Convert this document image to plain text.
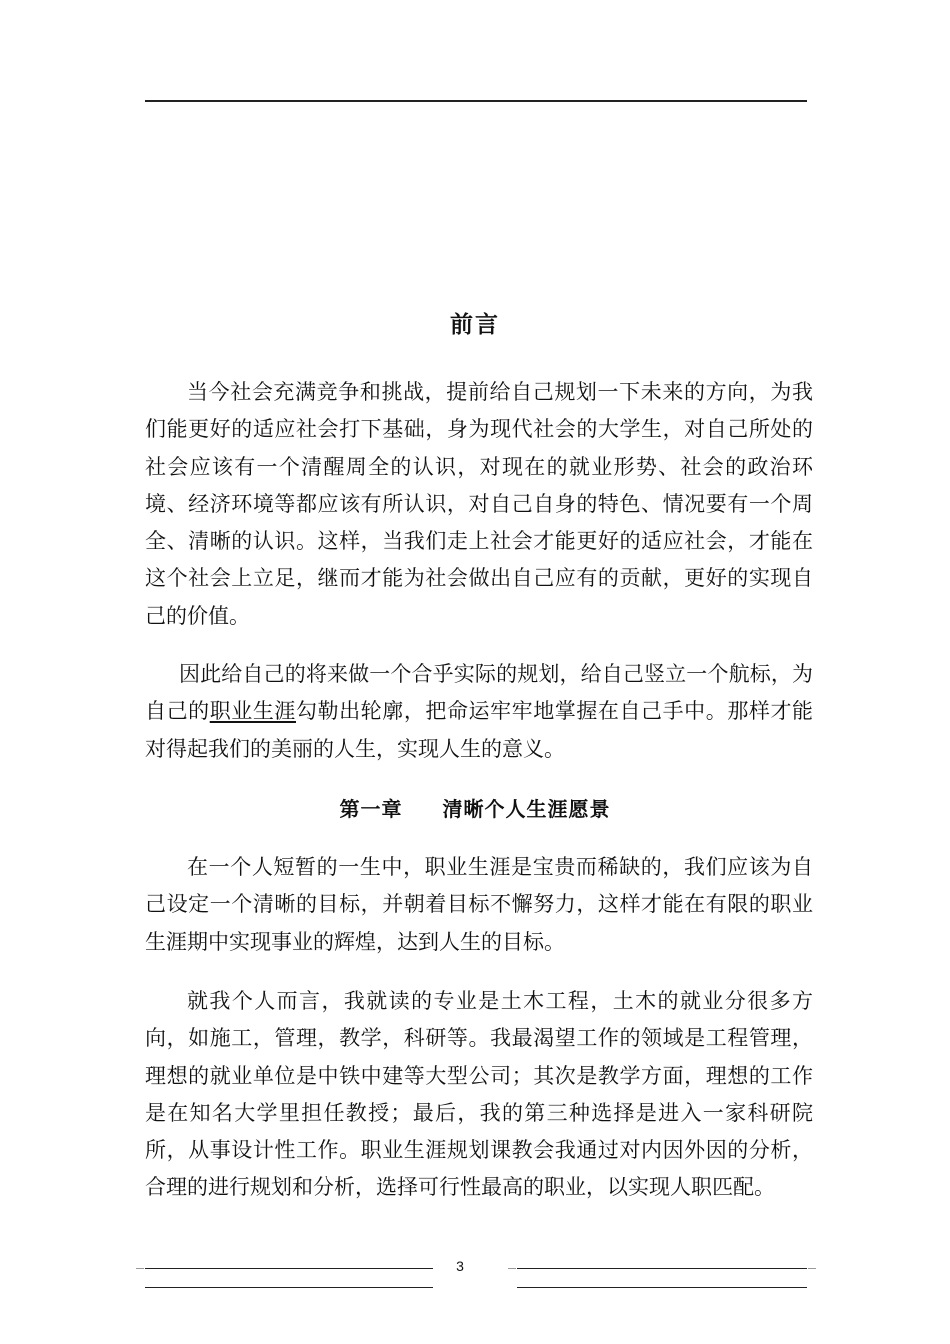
前言

当今社会充满竞争和挑战，提前给自己规划一下未来的方向，为我们能更好的适应社会打下基础，身为现代社会的大学生，对自己所处的社会应该有一个清醒周全的认识，对现在的就业形势、社会的政治环境、经济环境等都应该有所认识，对自己自身的特色、情况要有一个周全、清晰的认识。这样，当我们走上社会才能更好的适应社会，才能在这个社会上立足，继而才能为社会做出自己应有的贡献，更好的实现自己的价值。

因此给自己的将来做一个合乎实际的规划，给自己竖立一个航标，为自己的职业生涯勾勒出轮廓，把命运牢牢地掌握在自己手中。那样才能对得起我们的美丽的人生，实现人生的意义。

第一章 清晰个人生涯愿景

在一个人短暂的一生中，职业生涯是宝贵而稀缺的，我们应该为自己设定一个清晰的目标，并朝着目标不懈努力，这样才能在有限的职业生涯期中实现事业的辉煌，达到人生的目标。

就我个人而言，我就读的专业是土木工程，土木的就业分很多方向，如施工，管理，教学，科研等。我最渴望工作的领域是工程管理，理想的就业单位是中铁中建等大型公司；其次是教学方面，理想的工作是在知名大学里担任教授；最后，我的第三种选择是进入一家科研院所，从事设计性工作。职业生涯规划课教会我通过对内因外因的分析，合理的进行规划和分析，选择可行性最高的职业，以实现人职匹配。

3
